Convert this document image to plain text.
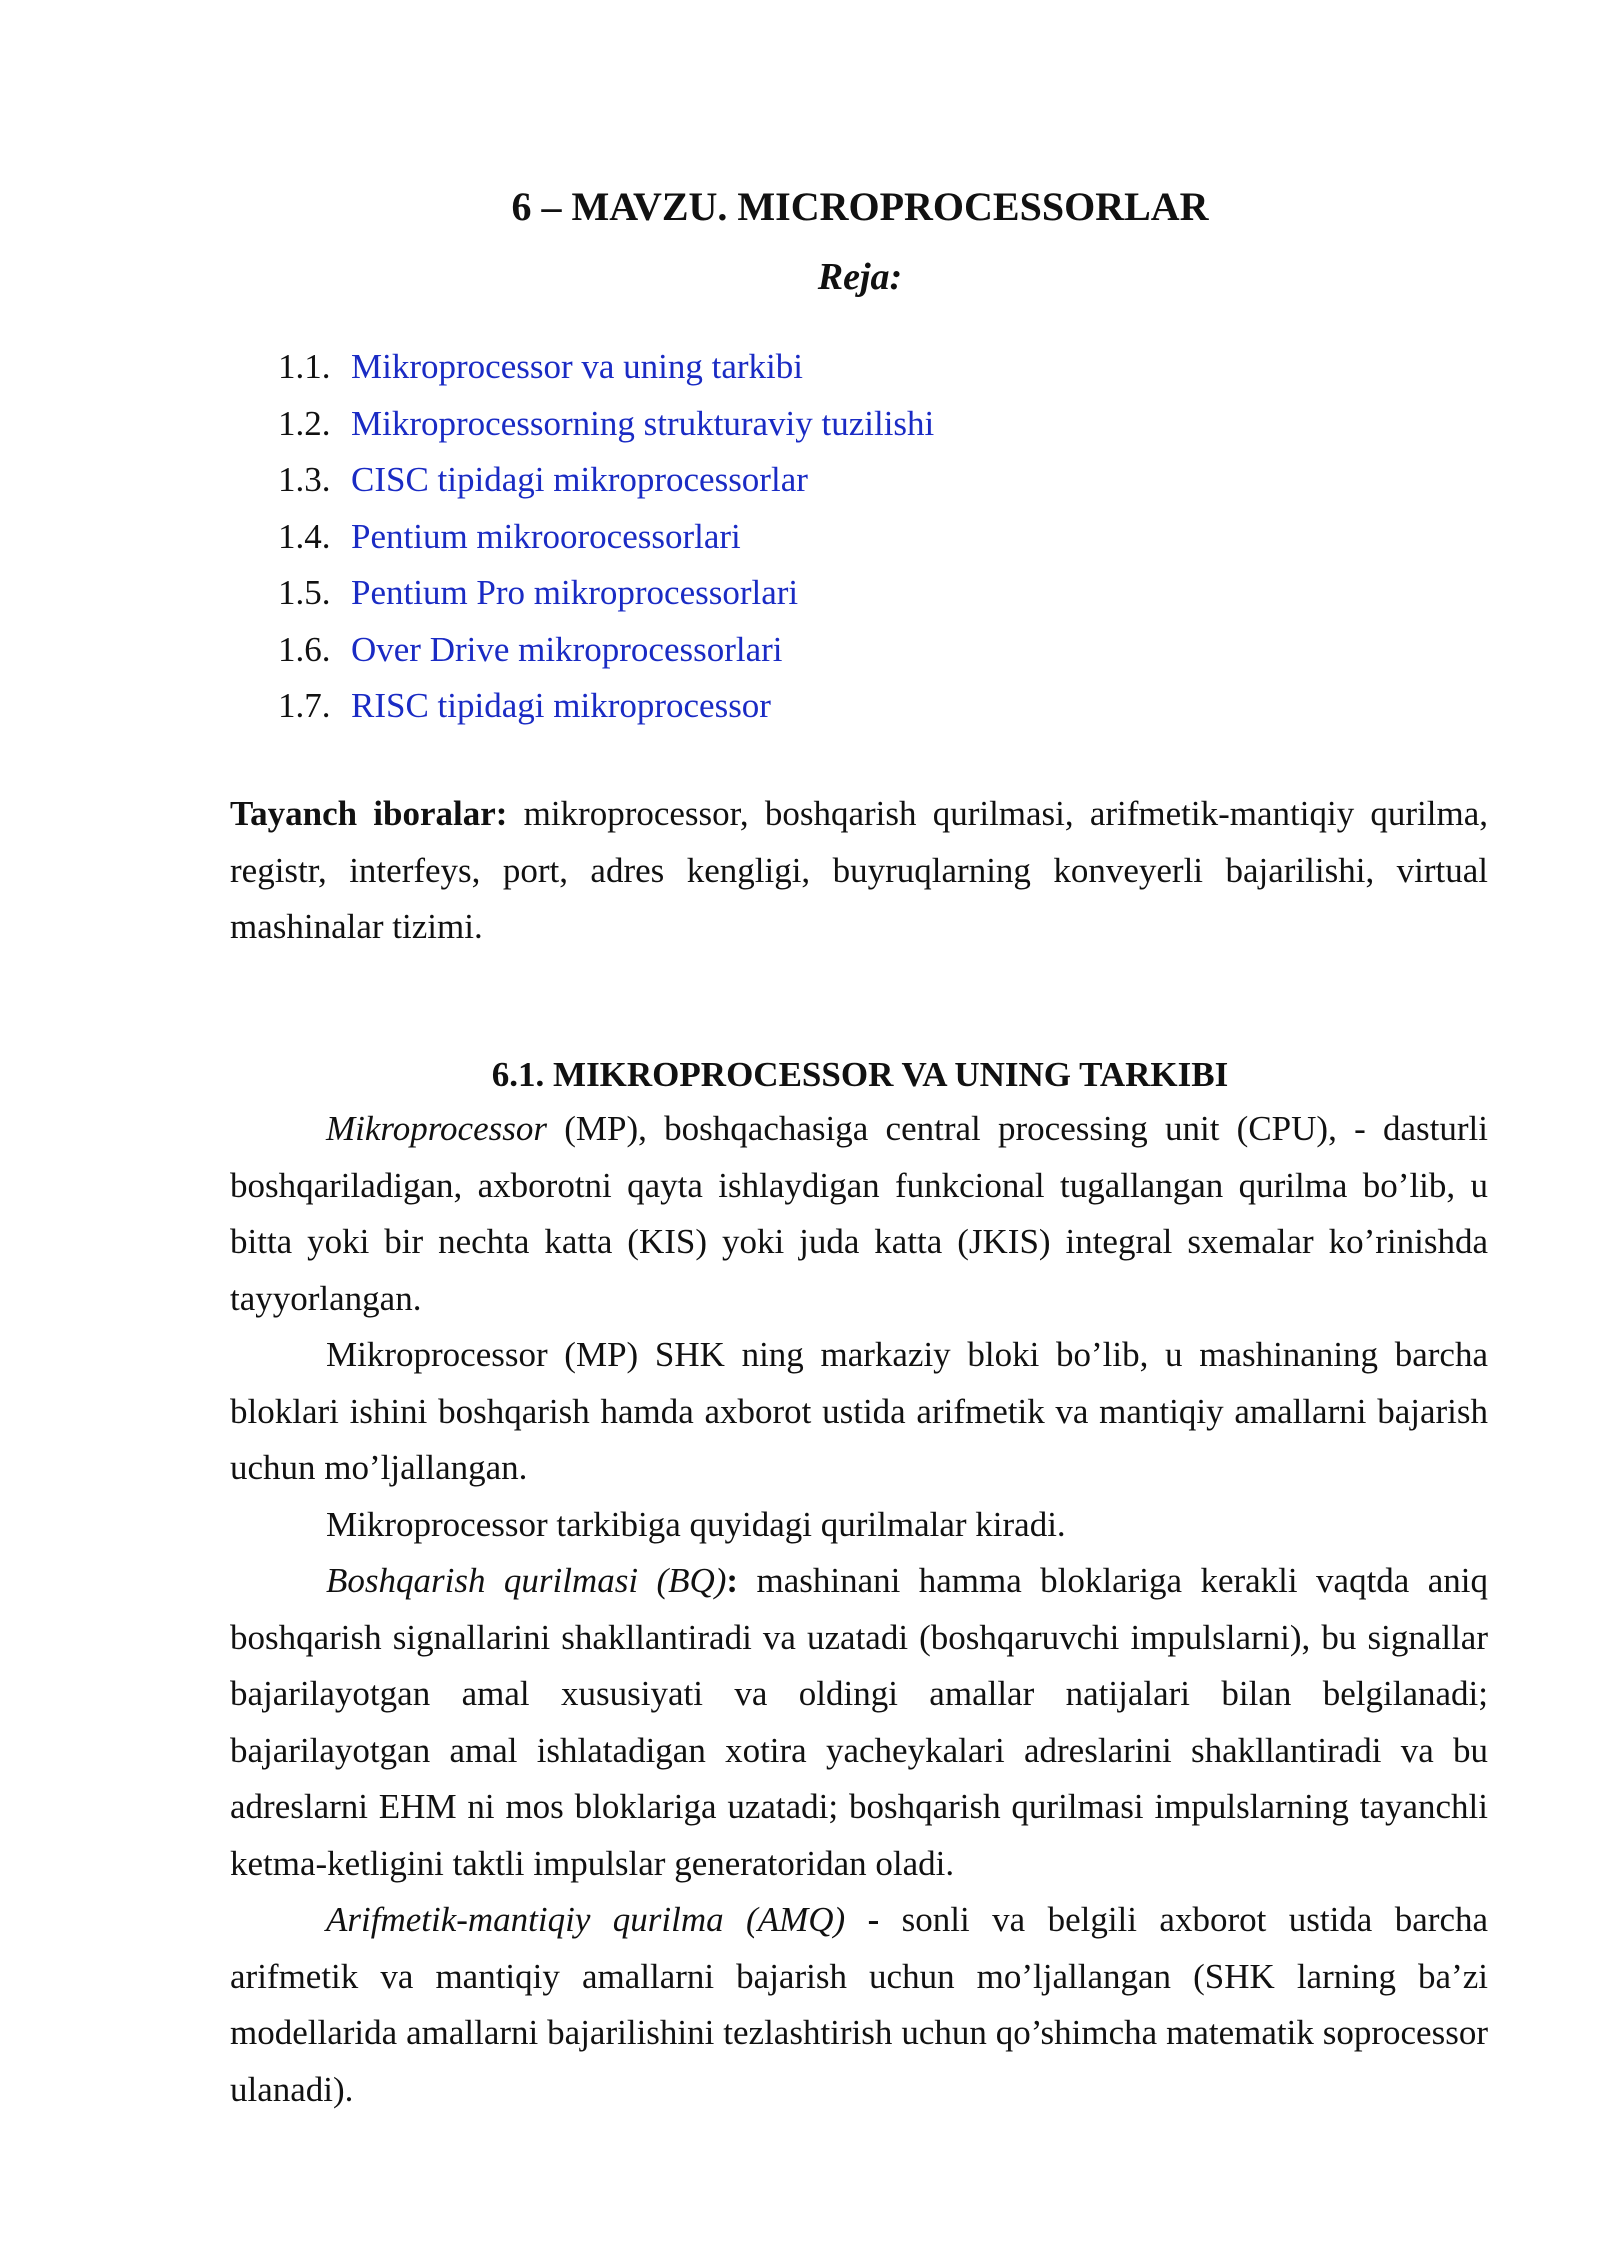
6 – MAVZU. MICROPROCESSORLAR
Reja:
1.1. Mikroprocessor va uning tarkibi
1.2. Mikroprocessorning strukturaviy tuzilishi
1.3. CISC tipidagi mikroprocessorlar
1.4. Pentium mikroorocessorlari
1.5. Pentium Pro mikroprocessorlari
1.6. Over Drive mikroprocessorlari
1.7. RISC tipidagi mikroprocessor

Tayanch iboralar: mikroprocessor, boshqarish qurilmasi, arifmetik-mantiqiy qurilma, registr, interfeys, port, adres kengligi, buyruqlarning konveyerli bajarilishi, virtual mashinalar tizimi.

6.1. MIKROPROCESSOR VA UNING TARKIBI

Mikroprocessor (MP), boshqachasiga central processing unit (CPU), - dasturli boshqariladigan, axborotni qayta ishlaydigan funkcional tugallangan qurilma bo’lib, u bitta yoki bir nechta katta (KIS) yoki juda katta (JKIS) integral sxemalar ko’rinishda tayyorlangan.

Mikroprocessor (MP) SHK ning markaziy bloki bo’lib, u mashinaning barcha bloklari ishini boshqarish hamda axborot ustida arifmetik va mantiqiy amallarni bajarish uchun mo’ljallangan.

Mikroprocessor tarkibiga quyidagi qurilmalar kiradi.

Boshqarish qurilmasi (BQ): mashinani hamma bloklariga kerakli vaqtda aniq boshqarish signallarini shakllantiradi va uzatadi (boshqaruvchi impulslarni), bu signallar bajarilayotgan amal xususiyati va oldingi amallar natijalari bilan belgilanadi; bajarilayotgan amal ishlatadigan xotira yacheykalari adreslarini shakllantiradi va bu adreslarni EHM ni mos bloklariga uzatadi; boshqarish qurilmasi impulslarning tayanchli ketma-ketligini taktli impulslar generatoridan oladi.

Arifmetik-mantiqiy qurilma (AMQ) - sonli va belgili axborot ustida barcha arifmetik va mantiqiy amallarni bajarish uchun mo’ljallangan (SHK larning ba’zi modellarida amallarni bajarilishini tezlashtirish uchun qo’shimcha matematik soprocessor ulanadi).
